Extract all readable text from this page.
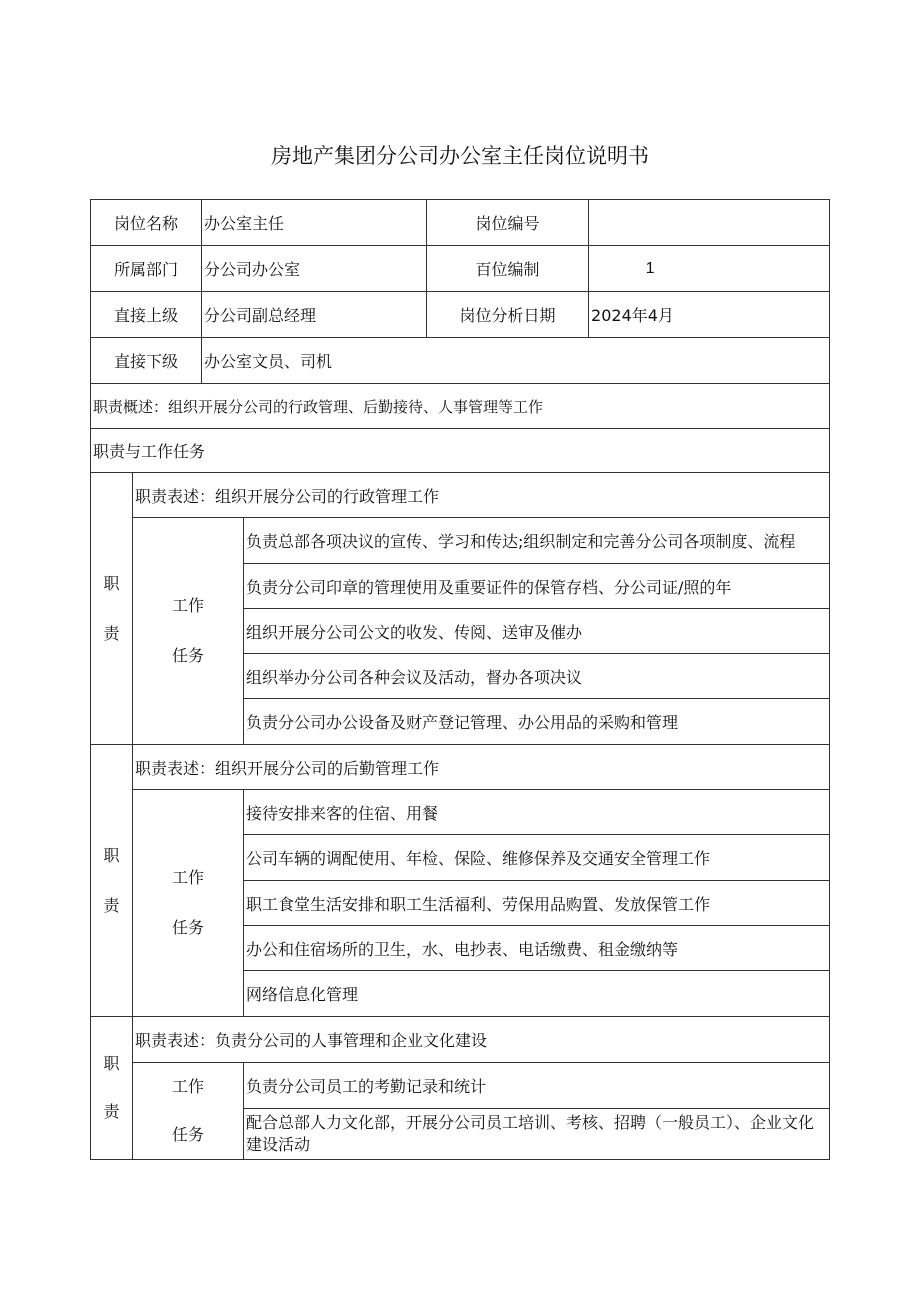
房地产集团分公司办公室主任岗位说明书
岗位名称		办公室主任		岗位编号	
所属部门		分公司办公室		百位编制	1
直接上级		分公司副总经理		岗位分析日期	2024年4月
直接下级		办公室文员、司机			
职责概述：组织开展分公司的行政管理、后勤接待、人事管理等工作					
职责与工作任务					

职
责	职责表述：组织开展分公司的行政管理工作				

	工作
任务		负责总部各项决议的宣传、学习和传达;组织制定和完善分公司各项制度、流程		
			负责分公司印章的管理使用及重要证件的保管存档、分公司证/照的年		
			组织开展分公司公文的收发、传阅、送审及催办		
			组织举办分公司各种会议及活动，督办各项决议		
			负责分公司办公设备及财产登记管理、办公用品的采购和管理		

职
责	职责表述：组织开展分公司的后勤管理工作				

	工作
任务		接待安排来客的住宿、用餐		
			公司车辆的调配使用、年检、保险、维修保养及交通安全管理工作		
			职工食堂生活安排和职工生活福利、劳保用品购置、发放保管工作		
			办公和住宿场所的卫生，水、电抄表、电话缴费、租金缴纳等		
			网络信息化管理		

职
责	职责表述：负责分公司的人事管理和企业文化建设				

	工作
任务		负责分公司员工的考勤记录和统计		
			配合总部人力文化部，开展分公司员工培训、考核、招聘（一般员工）、企业文化建设活动		
